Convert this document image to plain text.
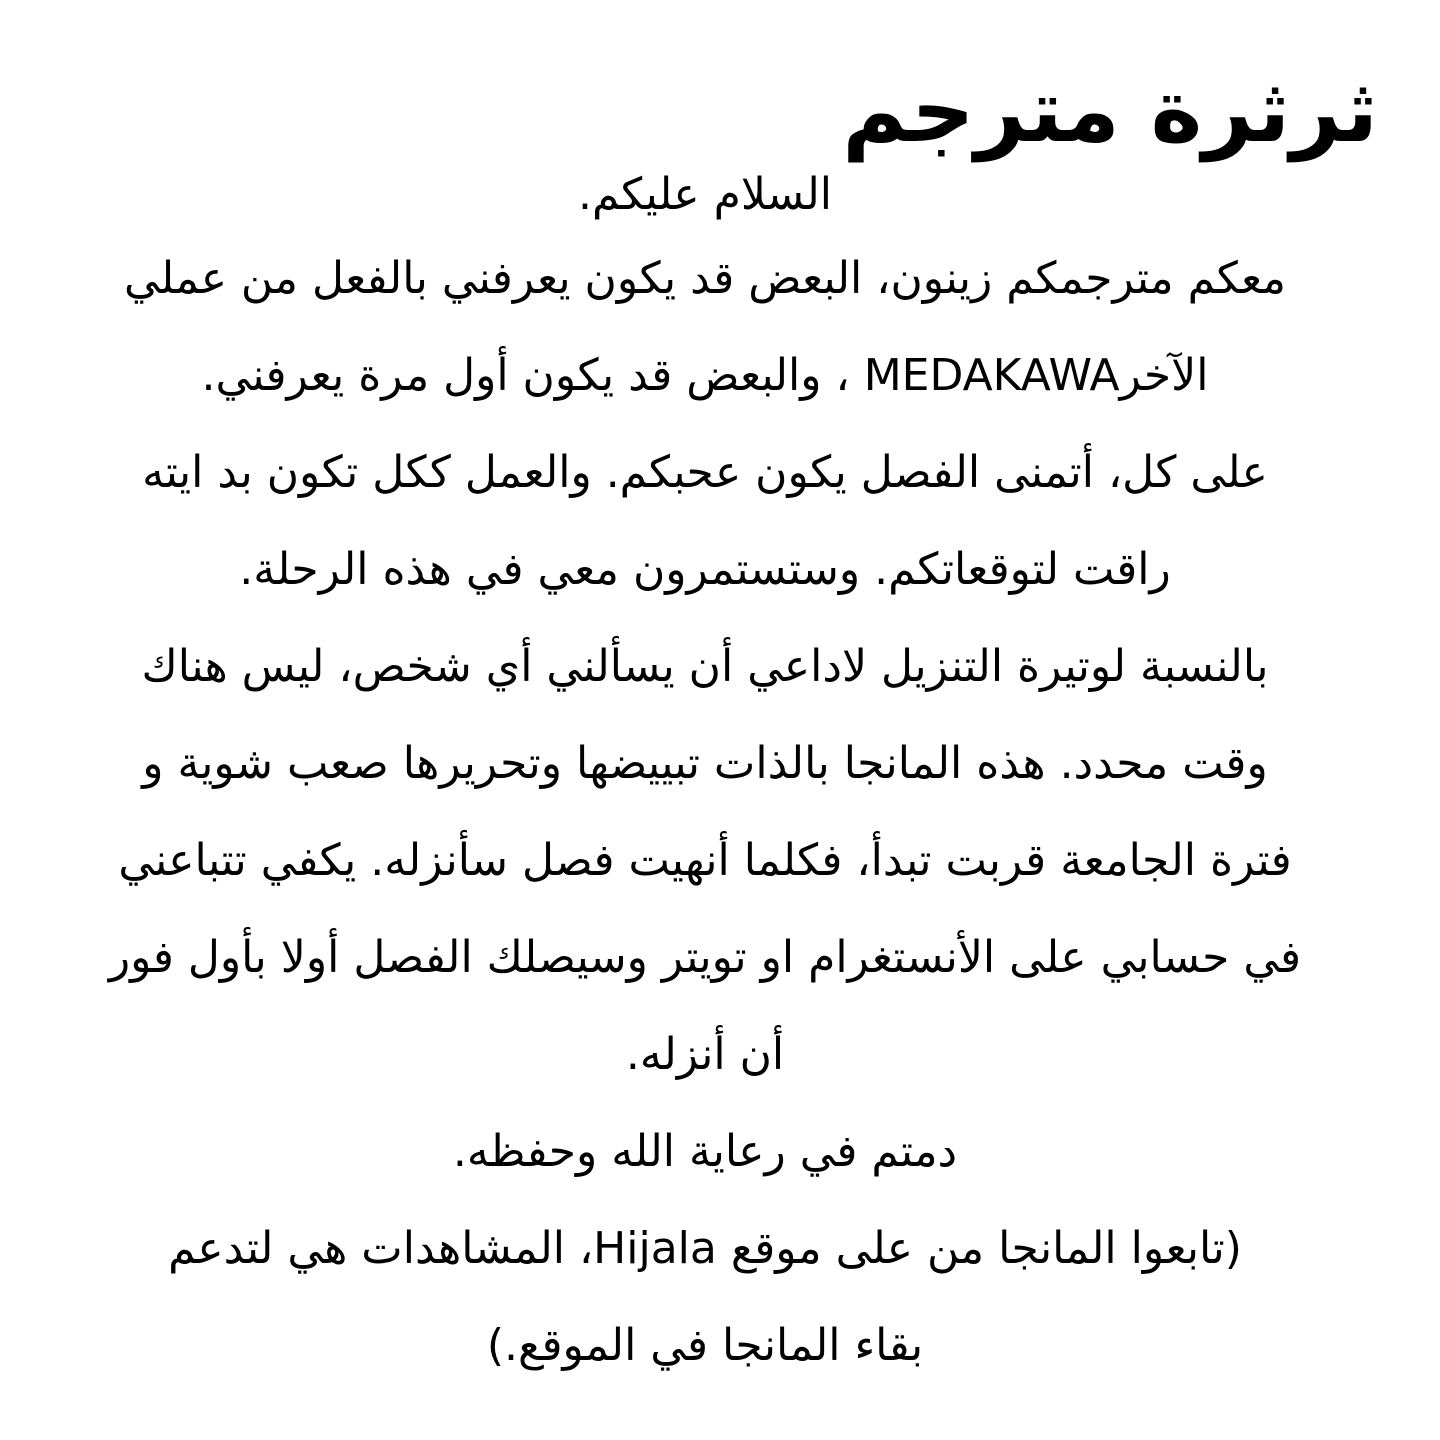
ثرثرة مترجم

السلام عليكم.

معكم مترجمكم زينون، البعض قد يكون يعرفني بالفعل من عملي

الآخرMEDAKAWA ، والبعض قد يكون أول مرة يعرفني.

على كل، أتمنى الفصل يكون عحبكم. والعمل ككل تكون بد ايته

راقت لتوقعاتكم. وستستمرون معي في هذه الرحلة.

بالنسبة لوتيرة التنزيل لاداعي أن يسألني أي شخص، ليس هناك

وقت محدد. هذه المانجا بالذات تبييضها وتحريرها صعب شوية و

فترة الجامعة قربت تبدأ، فكلما أنهيت فصل سأنزله. يكفي تتباعني

في حسابي على الأنستغرام او تويتر وسيصلك الفصل أولا بأول فور

أن أنزله.

دمتم في رعاية الله وحفظه.

(تابعوا المانجا من على موقع Hijala، المشاهدات هي لتدعم

بقاء المانجا في الموقع.)
